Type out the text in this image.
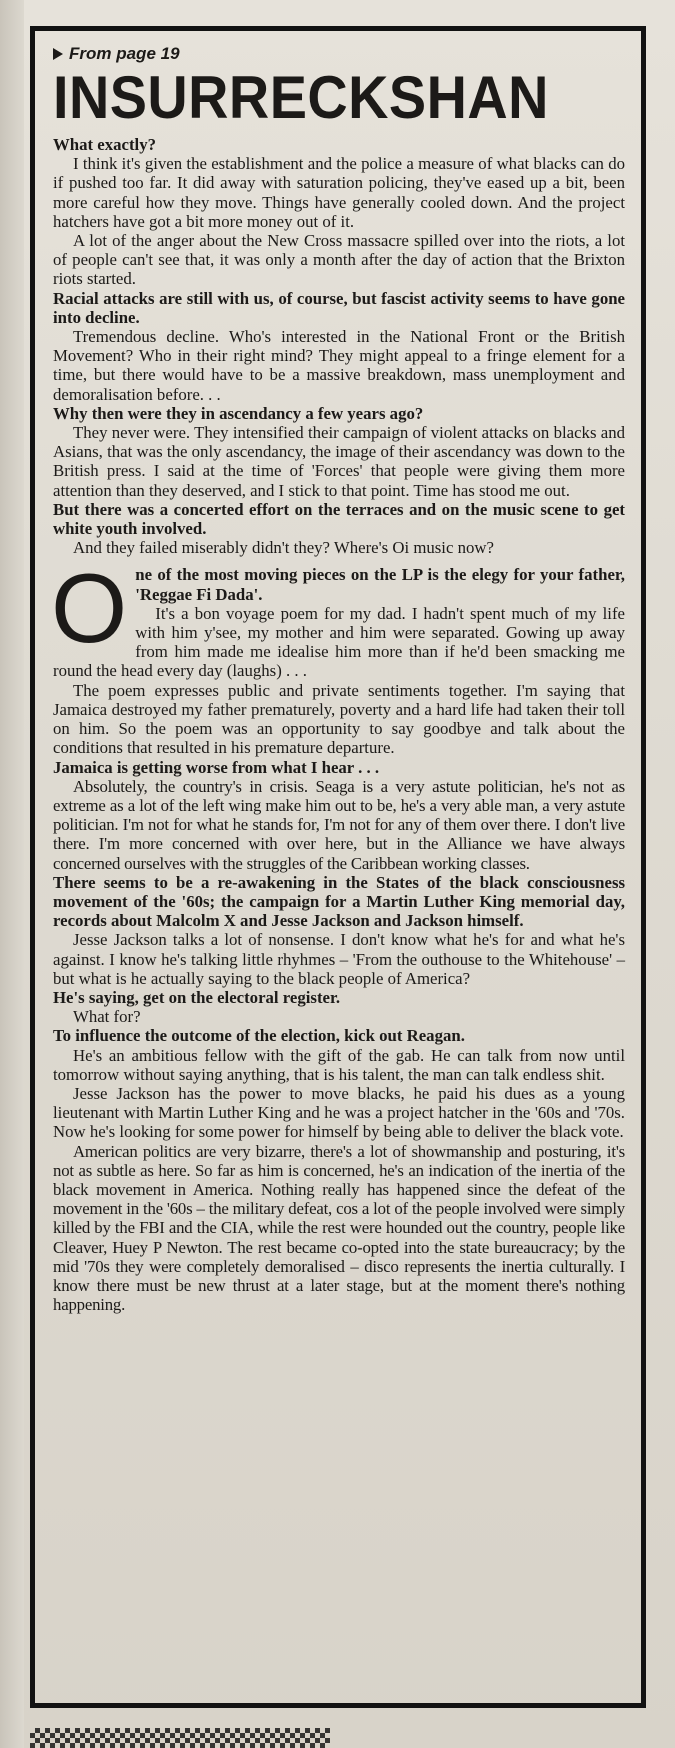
From page 19
INSURRECKSHAN

What exactly?

I think it's given the establishment and the police a measure of what blacks can do if pushed too far. It did away with saturation policing, they've eased up a bit, been more careful how they move. Things have generally cooled down. And the project hatchers have got a bit more money out of it.

A lot of the anger about the New Cross massacre spilled over into the riots, a lot of people can't see that, it was only a month after the day of action that the Brixton riots started.

Racial attacks are still with us, of course, but fascist activity seems to have gone into decline.

Tremendous decline. Who's interested in the National Front or the British Movement? Who in their right mind? They might appeal to a fringe element for a time, but there would have to be a massive breakdown, mass unemployment and demoralisation before. . .

Why then were they in ascendancy a few years ago?

They never were. They intensified their campaign of violent attacks on blacks and Asians, that was the only ascendancy, the image of their ascendancy was down to the British press. I said at the time of 'Forces' that people were giving them more attention than they deserved, and I stick to that point. Time has stood me out.

But there was a concerted effort on the terraces and on the music scene to get white youth involved.

And they failed miserably didn't they? Where's Oi music now?

O ne of the most moving pieces on the LP is the elegy for your father, 'Reggae Fi Dada'.

It's a bon voyage poem for my dad. I hadn't spent much of my life with him y'see, my mother and him were separated. Gowing up away from him made me idealise him more than if he'd been smacking me round the head every day (laughs) . . .

The poem expresses public and private sentiments together. I'm saying that Jamaica destroyed my father prematurely, poverty and a hard life had taken their toll on him. So the poem was an opportunity to say goodbye and talk about the conditions that resulted in his premature departure.

Jamaica is getting worse from what I hear . . .

Absolutely, the country's in crisis. Seaga is a very astute politician, he's not as extreme as a lot of the left wing make him out to be, he's a very able man, a very astute politician. I'm not for what he stands for, I'm not for any of them over there. I don't live there. I'm more concerned with over here, but in the Alliance we have always concerned ourselves with the struggles of the Caribbean working classes.

There seems to be a re-awakening in the States of the black consciousness movement of the '60s; the campaign for a Martin Luther King memorial day, records about Malcolm X and Jesse Jackson and Jackson himself.

Jesse Jackson talks a lot of nonsense. I don't know what he's for and what he's against. I know he's talking little rhyhmes – 'From the outhouse to the Whitehouse' – but what is he actually saying to the black people of America?

He's saying, get on the electoral register.

What for?

To influence the outcome of the election, kick out Reagan.

He's an ambitious fellow with the gift of the gab. He can talk from now until tomorrow without saying anything, that is his talent, the man can talk endless shit.

Jesse Jackson has the power to move blacks, he paid his dues as a young lieutenant with Martin Luther King and he was a project hatcher in the '60s and '70s. Now he's looking for some power for himself by being able to deliver the black vote.

American politics are very bizarre, there's a lot of showmanship and posturing, it's not as subtle as here. So far as him is concerned, he's an indication of the inertia of the black movement in America. Nothing really has happened since the defeat of the movement in the '60s – the military defeat, cos a lot of the people involved were simply killed by the FBI and the CIA, while the rest were hounded out the country, people like Cleaver, Huey P Newton. The rest became co-opted into the state bureaucracy; by the mid '70s they were completely demoralised – disco represents the inertia culturally. I know there must be new thrust at a later stage, but at the moment there's nothing happening.
